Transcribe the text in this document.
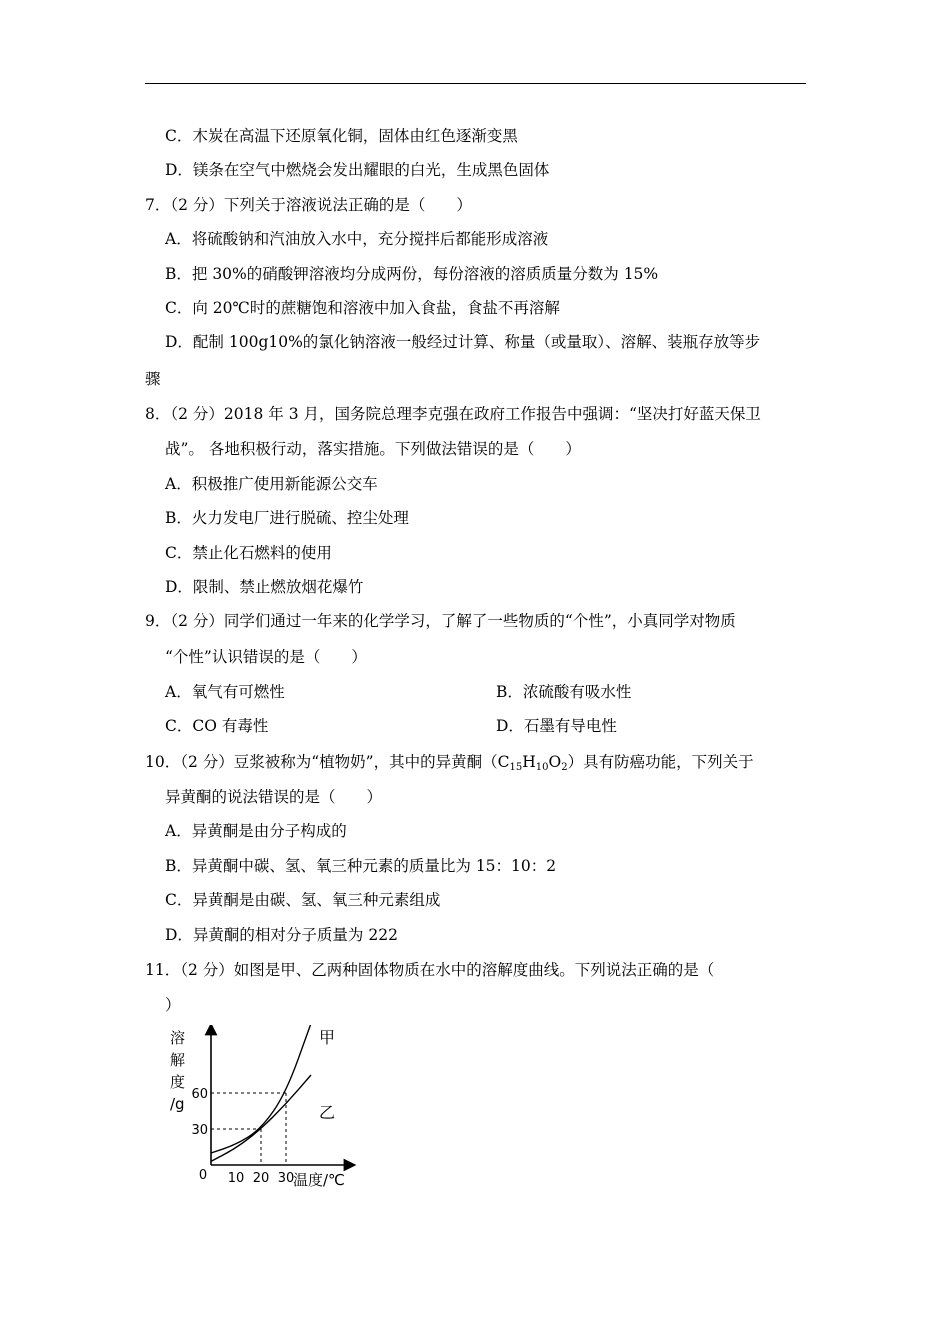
C．木炭在高温下还原氧化铜，固体由红色逐渐变黑
D．镁条在空气中燃烧会发出耀眼的白光，生成黑色固体
7．（2 分）下列关于溶液说法正确的是（　　）
A．将硫酸钠和汽油放入水中，充分搅拌后都能形成溶液
B．把 30%的硝酸钾溶液均分成两份，每份溶液的溶质质量分数为 15%
C．向 20℃时的蔗糖饱和溶液中加入食盐，食盐不再溶解
D．配制 100g10%的氯化钠溶液一般经过计算、称量（或量取）、溶解、装瓶存放等步
骤
8．（2 分）2018 年 3 月，国务院总理李克强在政府工作报告中强调：“坚决打好蓝天保卫
战”。 各地积极行动，落实措施。下列做法错误的是（　　）
A．积极推广使用新能源公交车
B．火力发电厂进行脱硫、控尘处理
C．禁止化石燃料的使用
D．限制、禁止燃放烟花爆竹
9．（2 分）同学们通过一年来的化学学习，了解了一些物质的“个性”，小真同学对物质
“个性”认识错误的是（　　）
A．氧气有可燃性	B．浓硫酸有吸水性
C．CO 有毒性	D．石墨有导电性
10．（2 分）豆浆被称为“植物奶”，其中的异黄酮$(C_{15}H_{10}O_2)$具有防癌功能，下列关于
异黄酮的说法错误的是（　　）
A．异黄酮是由分子构成的
B．异黄酮中碳、氢、氧三种元素的质量比为 15：10：2
C．异黄酮是由碳、氢、氧三种元素组成
D．异黄酮的相对分子质量为 222
11．（2 分）如图是甲、乙两种固体物质在水中的溶解度曲线。下列说法正确的是（
）
甲
乙
溶
解
度
/g
30
60
10 20 30
0	温度/℃
